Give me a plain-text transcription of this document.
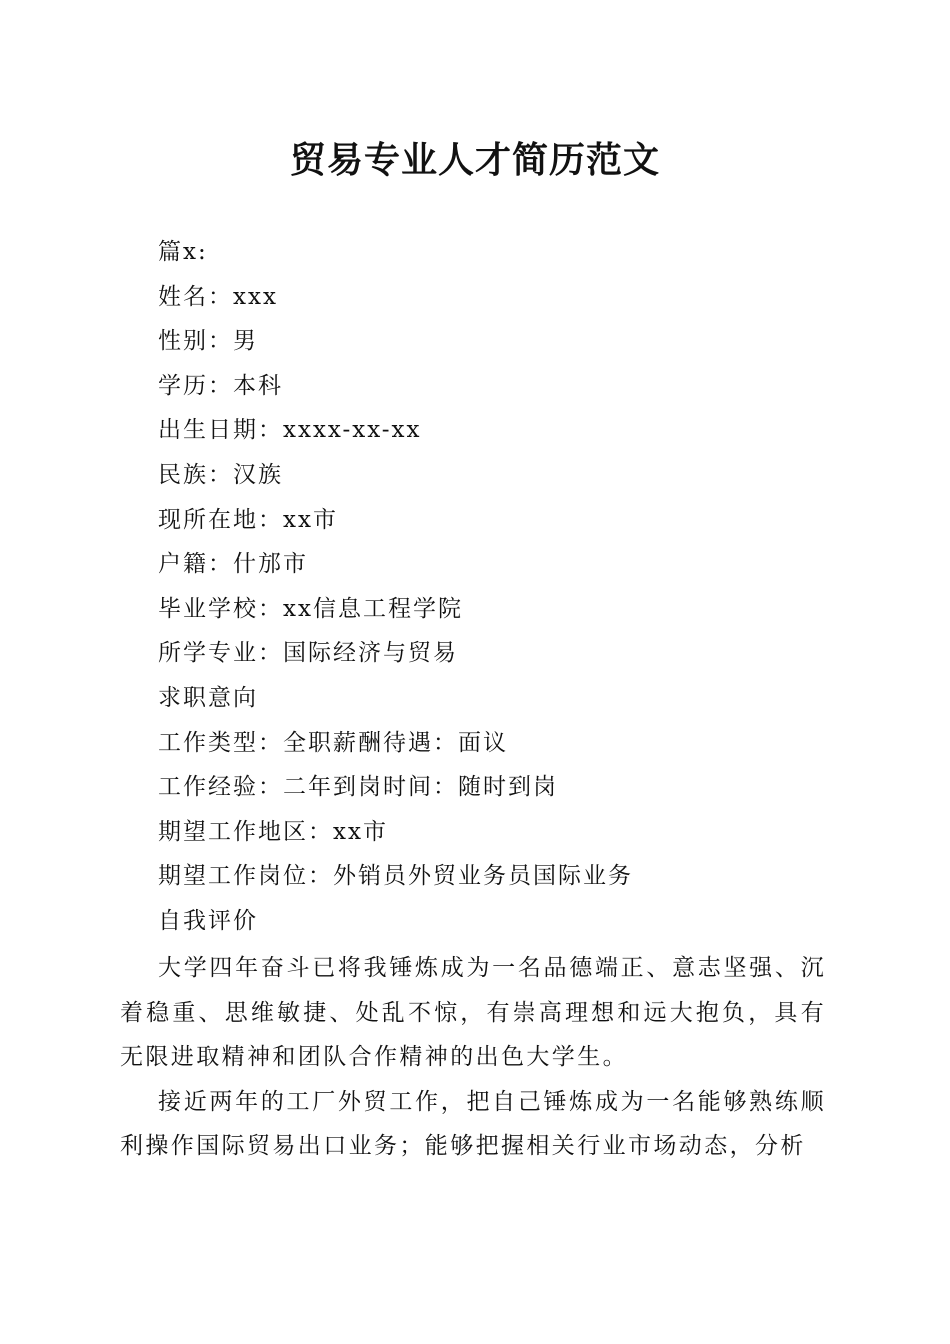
贸易专业人才简历范文
篇x:
姓名：xxx
性别：男
学历：本科
出生日期：xxxx-xx-xx
民族：汉族
现所在地：xx市
户籍：什邡市
毕业学校：xx信息工程学院
所学专业：国际经济与贸易
求职意向
工作类型：全职薪酬待遇：面议
工作经验：二年到岗时间：随时到岗
期望工作地区：xx市
期望工作岗位：外销员外贸业务员国际业务
自我评价

大学四年奋斗已将我锤炼成为一名品德端正、意志坚强、沉着稳重、思维敏捷、处乱不惊，有崇高理想和远大抱负，具有无限进取精神和团队合作精神的出色大学生。

接近两年的工厂外贸工作，把自己锤炼成为一名能够熟练顺利操作国际贸易出口业务；能够把握相关行业市场动态，分析
